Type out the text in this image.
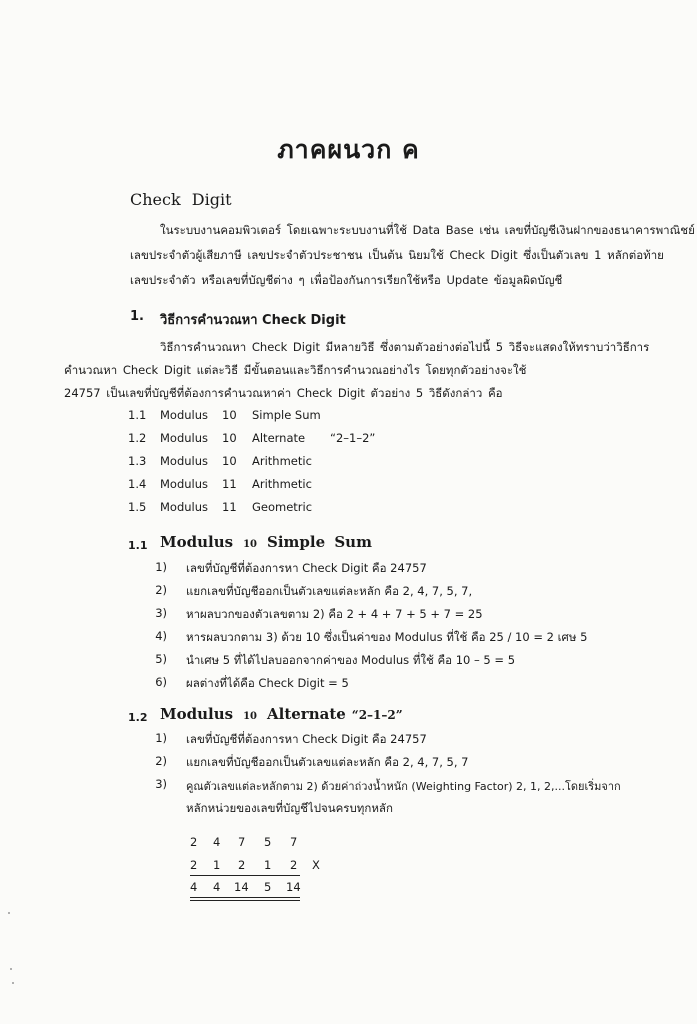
ภาคผนวก ค
Check Digit
ในระบบงานคอมพิวเตอร์ โดยเฉพาะระบบงานที่ใช้ Data Base เช่น เลขที่บัญชีเงินฝากของธนาคารพาณิชย์
เลขประจำตัวผู้เสียภาษี เลขประจำตัวประชาชน เป็นต้น นิยมใช้ Check Digit ซึ่งเป็นตัวเลข 1 หลักต่อท้าย
เลขประจำตัว หรือเลขที่บัญชีต่าง ๆ เพื่อป้องกันการเรียกใช้หรือ Update ข้อมูลผิดบัญชี
1. วิธีการคำนวณหา Check Digit
วิธีการคำนวณหา Check Digit มีหลายวิธี ซึ่งตามตัวอย่างต่อไปนี้ 5 วิธีจะแสดงให้ทราบว่าวิธีการ
คำนวณหา Check Digit แต่ละวิธี มีขั้นตอนและวิธีการคำนวณอย่างไร โดยทุกตัวอย่างจะใช้
24757 เป็นเลขที่บัญชีที่ต้องการคำนวณหาค่า Check Digit ตัวอย่าง 5 วิธีดังกล่าว คือ
1.1 Modulus 10 Simple Sum
1.2 Modulus 10 Alternate “2–1–2”
1.3 Modulus 10 Arithmetic
1.4 Modulus 11 Arithmetic
1.5 Modulus 11 Geometric
1.1 Modulus 10 Simple Sum
1) เลขที่บัญชีที่ต้องการหา Check Digit คือ 24757
2) แยกเลขที่บัญชีออกเป็นตัวเลขแต่ละหลัก คือ 2, 4, 7, 5, 7,
3) หาผลบวกของตัวเลขตาม 2) คือ 2 + 4 + 7 + 5 + 7 = 25
4) หารผลบวกตาม 3) ด้วย 10 ซึ่งเป็นค่าของ Modulus ที่ใช้ คือ 25 / 10 = 2 เศษ 5
5) นำเศษ 5 ที่ได้ไปลบออกจากค่าของ Modulus ที่ใช้ คือ 10 – 5 = 5
6) ผลต่างที่ได้คือ Check Digit = 5
1.2 Modulus 10 Alternate “2–1–2”
1) เลขที่บัญชีที่ต้องการหา Check Digit คือ 24757
2) แยกเลขที่บัญชีออกเป็นตัวเลขแต่ละหลัก คือ 2, 4, 7, 5, 7
3) คูณตัวเลขแต่ละหลักตาม 2) ด้วยค่าถ่วงน้ำหนัก (Weighting Factor) 2, 1, 2,...โดยเริ่มจาก
หลักหน่วยของเลขที่บัญชีไปจนครบทุกหลัก
2 4 7 5 7
2 1 2 1 2 X
4 4 14 5 14
